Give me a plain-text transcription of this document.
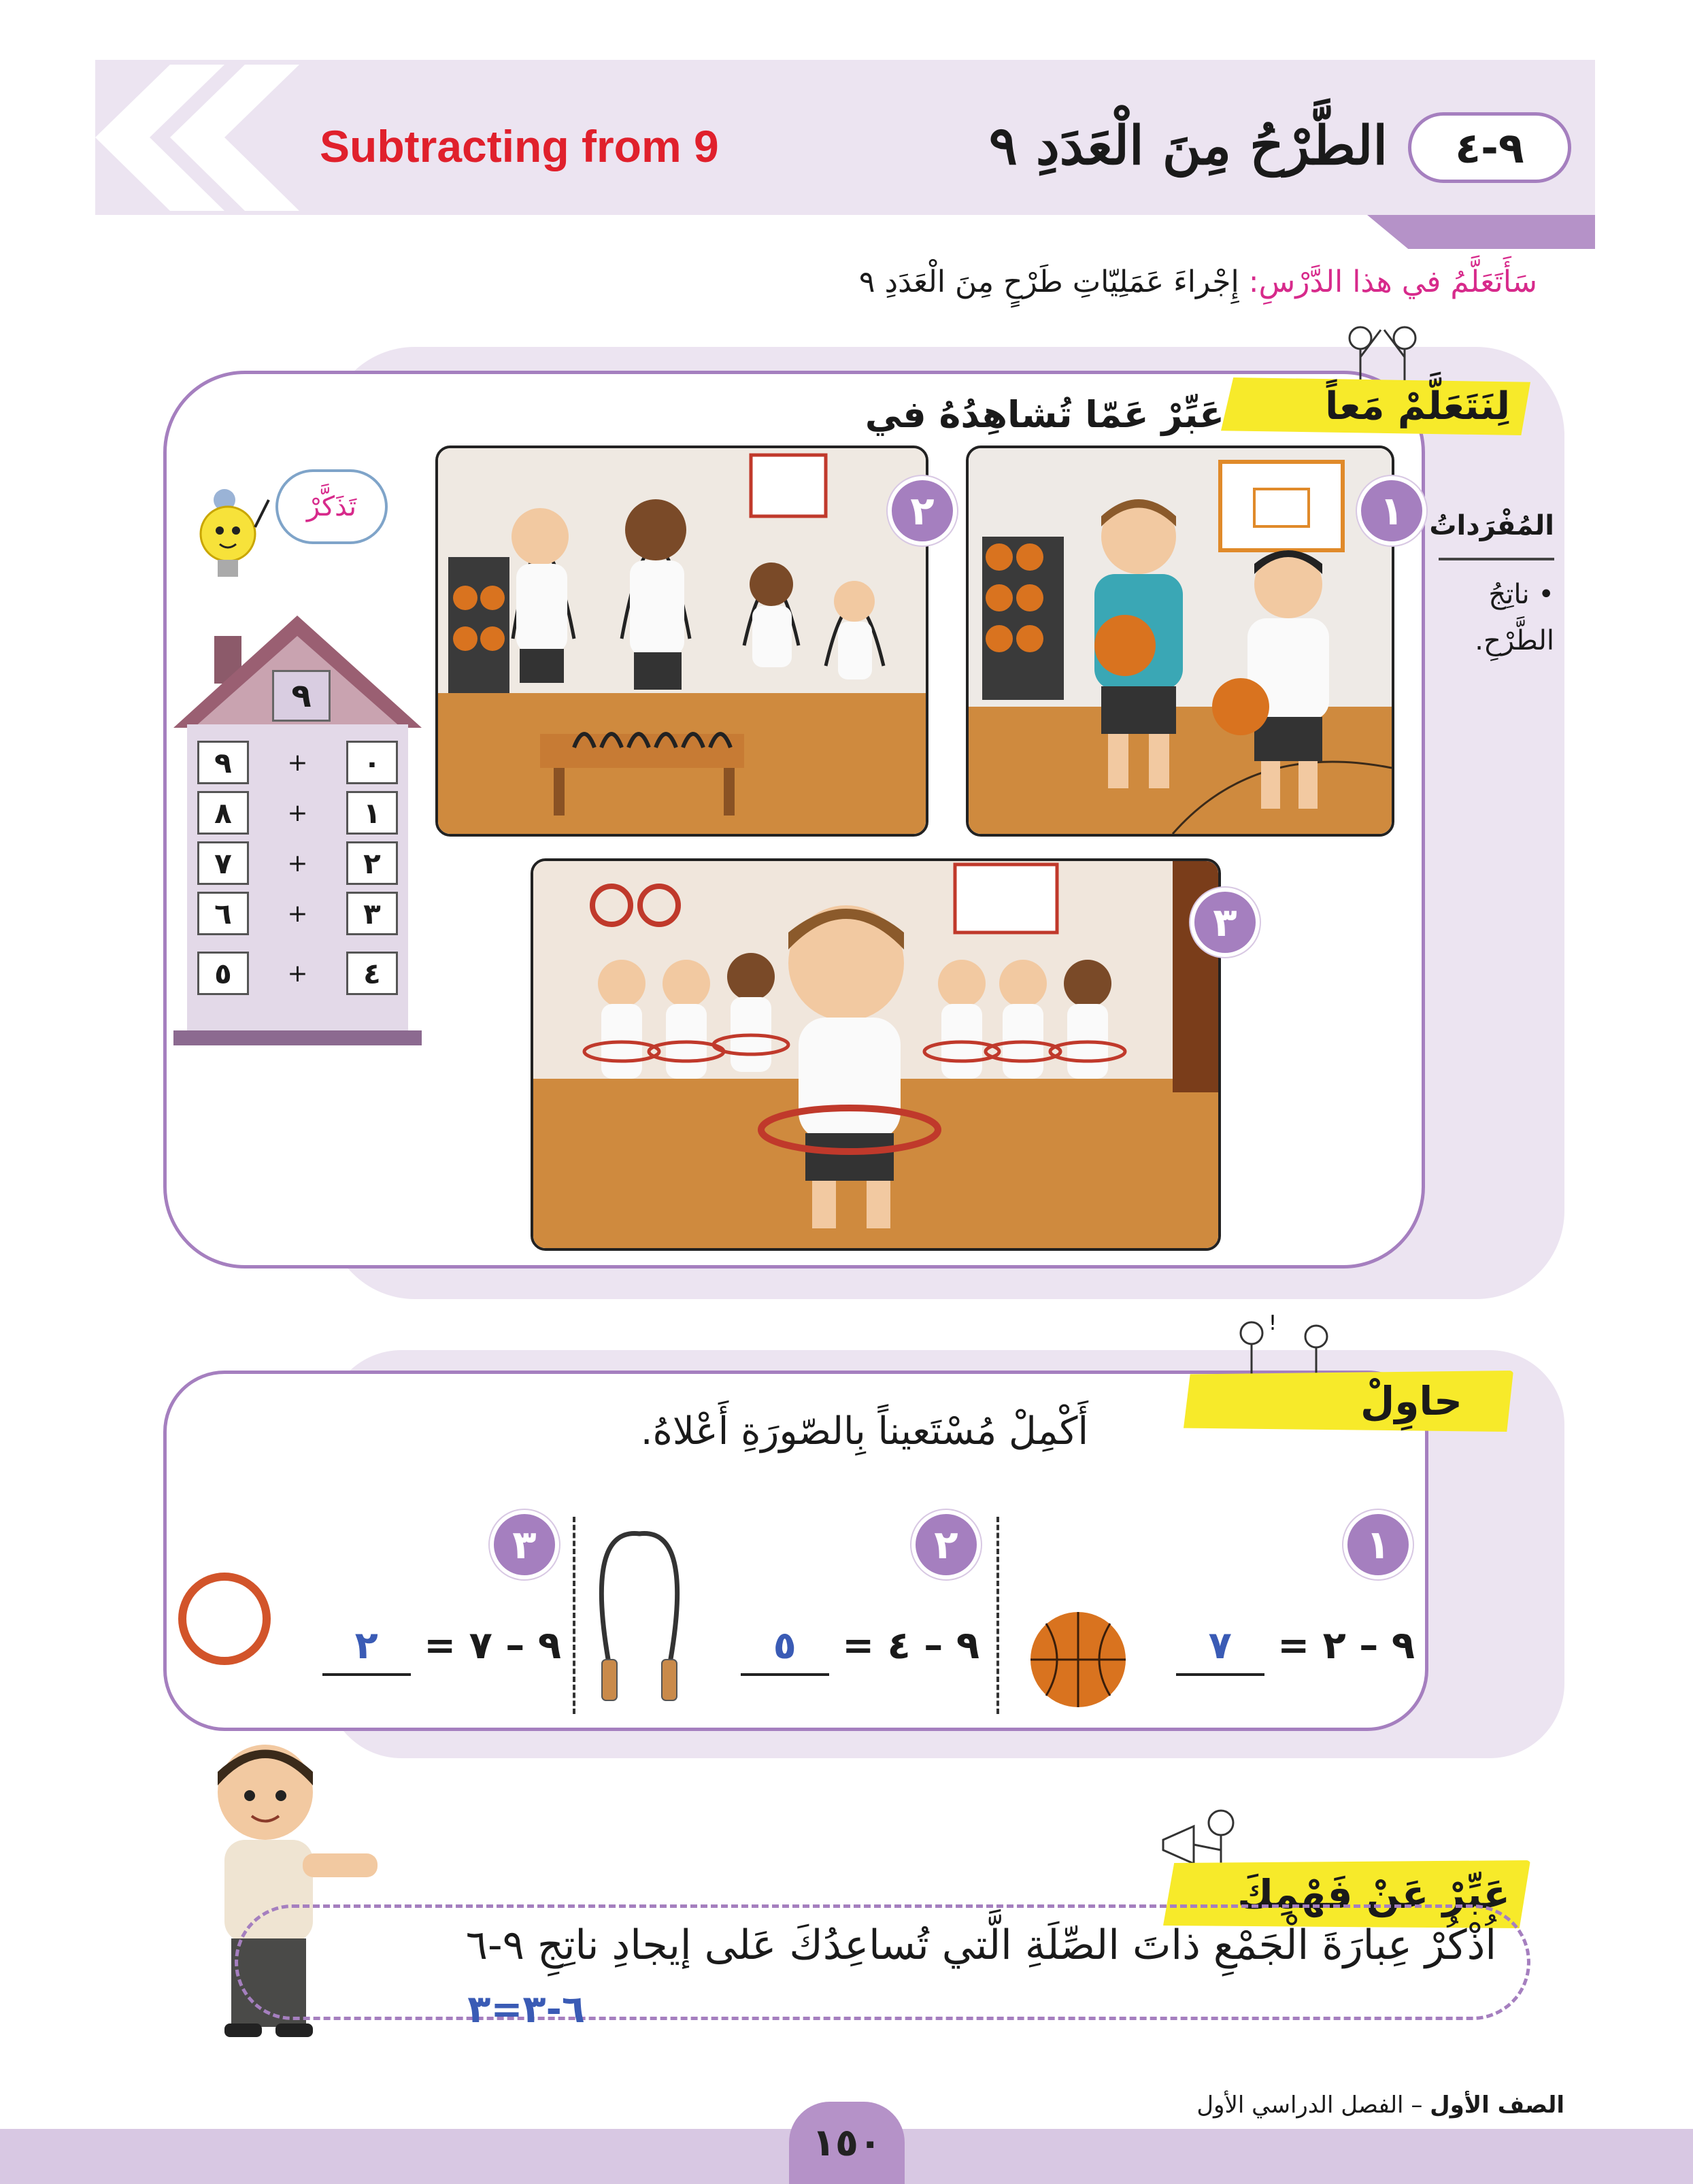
٩-٤
الطَّرْحُ مِنَ الْعَدَدِ ٩
Subtracting from 9
سَأَتَعَلَّمُ في هذا الدَّرْسِ: إِجْراءَ عَمَلِيّاتِ طَرْحٍ مِنَ الْعَدَدِ ٩
لِنَتَعَلَّمْ مَعاً
عَبِّرْ عَمّا تُشاهِدُهُ في
١
٢
٣
تَذَكَّرْ
٩
٩	+	٠
٨	+	١
٧	+	٢
٦	+	٣
٥	+	٤
المُفْرَداتُ
• ناتِجُ
الطَّرْحِ.
!
حاوِلْ
أَكْمِلْ مُسْتَعيناً بِالصّورَةِ أَعْلاهُ.
١
٩ – ٢ = ٧
٢
٩ – ٤ = ٥
٣
٩ – ٧ = ٢
عَبِّرْ عَنْ فَهْمِكَ
اُذْكُرْ عِبارَةَ الْجَمْعِ ذاتَ الصِّلَةِ الَّتي تُساعِدُكَ عَلى إيجادِ ناتِجِ ٩-٦
٦-٣=٣
الصف الأول – الفصل الدراسي الأول
١٥٠
